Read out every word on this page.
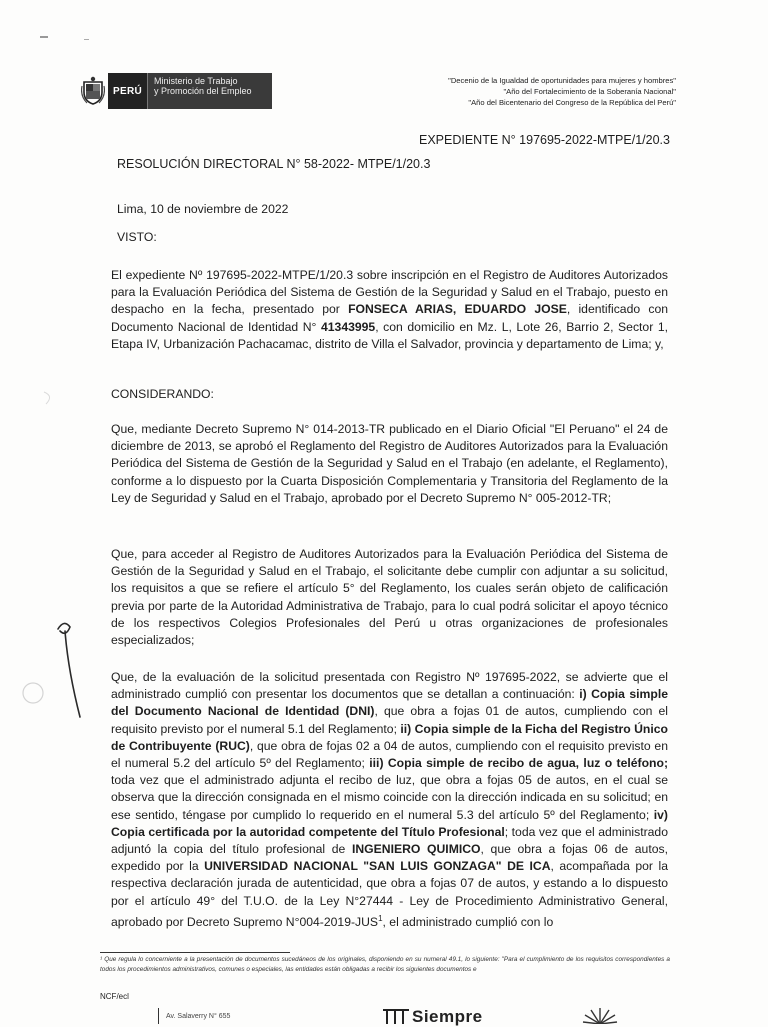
PERÚ
Ministerio de Trabajo
y Promoción del Empleo
"Decenio de la Igualdad de oportunidades para mujeres y hombres"
"Año del Fortalecimiento de la Soberanía Nacional"
"Año del Bicentenario del Congreso de la República del Perú"
EXPEDIENTE N° 197695-2022-MTPE/1/20.3
RESOLUCIÓN DIRECTORAL N° 58-2022- MTPE/1/20.3
Lima, 10 de noviembre de 2022
VISTO:
El expediente Nº 197695-2022-MTPE/1/20.3 sobre inscripción en el Registro de Auditores Autorizados para la Evaluación Periódica del Sistema de Gestión de la Seguridad y Salud en el Trabajo, puesto en despacho en la fecha, presentado por FONSECA ARIAS, EDUARDO JOSE, identificado con Documento Nacional de Identidad N° 41343995, con domicilio en Mz. L, Lote 26, Barrio 2, Sector 1, Etapa IV, Urbanización Pachacamac, distrito de Villa el Salvador, provincia y departamento de Lima; y,
CONSIDERANDO:
Que, mediante Decreto Supremo N° 014-2013-TR publicado en el Diario Oficial "El Peruano" el 24 de diciembre de 2013, se aprobó el Reglamento del Registro de Auditores Autorizados para la Evaluación Periódica del Sistema de Gestión de la Seguridad y Salud en el Trabajo (en adelante, el Reglamento), conforme a lo dispuesto por la Cuarta Disposición Complementaria y Transitoria del Reglamento de la Ley de Seguridad y Salud en el Trabajo, aprobado por el Decreto Supremo N° 005-2012-TR;
Que, para acceder al Registro de Auditores Autorizados para la Evaluación Periódica del Sistema de Gestión de la Seguridad y Salud en el Trabajo, el solicitante debe cumplir con adjuntar a su solicitud, los requisitos a que se refiere el artículo 5° del Reglamento, los cuales serán objeto de calificación previa por parte de la Autoridad Administrativa de Trabajo, para lo cual podrá solicitar el apoyo técnico de los respectivos Colegios Profesionales del Perú u otras organizaciones de profesionales especializados;
Que, de la evaluación de la solicitud presentada con Registro Nº 197695-2022, se advierte que el administrado cumplió con presentar los documentos que se detallan a continuación: i) Copia simple del Documento Nacional de Identidad (DNI), que obra a fojas 01 de autos, cumpliendo con el requisito previsto por el numeral 5.1 del Reglamento; ii) Copia simple de la Ficha del Registro Único de Contribuyente (RUC), que obra de fojas 02 a 04 de autos, cumpliendo con el requisito previsto en el numeral 5.2 del artículo 5º del Reglamento; iii) Copia simple de recibo de agua, luz o teléfono; toda vez que el administrado adjunta el recibo de luz, que obra a fojas 05 de autos, en el cual se observa que la dirección consignada en el mismo coincide con la dirección indicada en su solicitud; en ese sentido, téngase por cumplido lo requerido en el numeral 5.3 del artículo 5º del Reglamento; iv) Copia certificada por la autoridad competente del Título Profesional; toda vez que el administrado adjuntó la copia del título profesional de INGENIERO QUIMICO, que obra a fojas 06 de autos, expedido por la UNIVERSIDAD NACIONAL "SAN LUIS GONZAGA" DE ICA, acompañada por la respectiva declaración jurada de autenticidad, que obra a fojas 07 de autos, y estando a lo dispuesto por el artículo 49° del T.U.O. de la Ley N°27444 - Ley de Procedimiento Administrativo General, aprobado por Decreto Supremo N°004-2019-JUS$^1$, el administrado cumplió con lo
¹ Que regula lo concerniente a la presentación de documentos sucedáneos de los originales, disponiendo en su numeral 49.1, lo siguiente: "Para el cumplimiento de los requisitos correspondientes a todos los procedimientos administrativos, comunes o especiales, las entidades están obligadas a recibir los siguientes documentos e
NCF/ecl
Av. Salaverry N° 655	Siempre
